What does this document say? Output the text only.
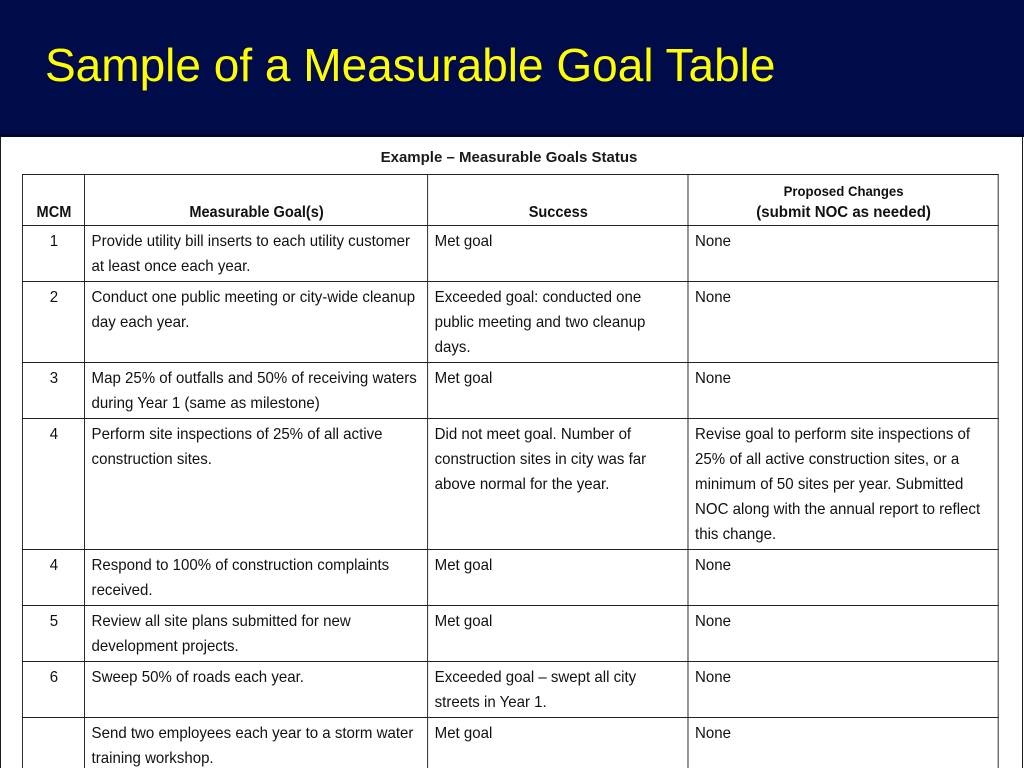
Sample of a Measurable Goal Table
Example – Measurable Goals Status
MCM	Measurable Goal(s)	Success	Proposed Changes
(submit NOC as needed)

1	Provide utility bill inserts to each utility customer at least once each year.	Met goal	None
2	Conduct one public meeting or city-wide cleanup day each year.	Exceeded goal: conducted one public meeting and two cleanup days.	None
3	Map 25% of outfalls and 50% of receiving waters during Year 1 (same as milestone)	Met goal	None
4	Perform site inspections of 25% of all active construction sites.	Did not meet goal. Number of construction sites in city was far above normal for the year.	Revise goal to perform site inspections of 25% of all active construction sites, or a minimum of 50 sites per year. Submitted NOC along with the annual report to reflect this change.
4	Respond to 100% of construction complaints received.	Met goal	None
5	Review all site plans submitted for new development projects.	Met goal	None
6	Sweep 50% of roads each year.	Exceeded goal – swept all city streets in Year 1.	None
	Send two employees each year to a storm water training workshop.	Met goal	None
